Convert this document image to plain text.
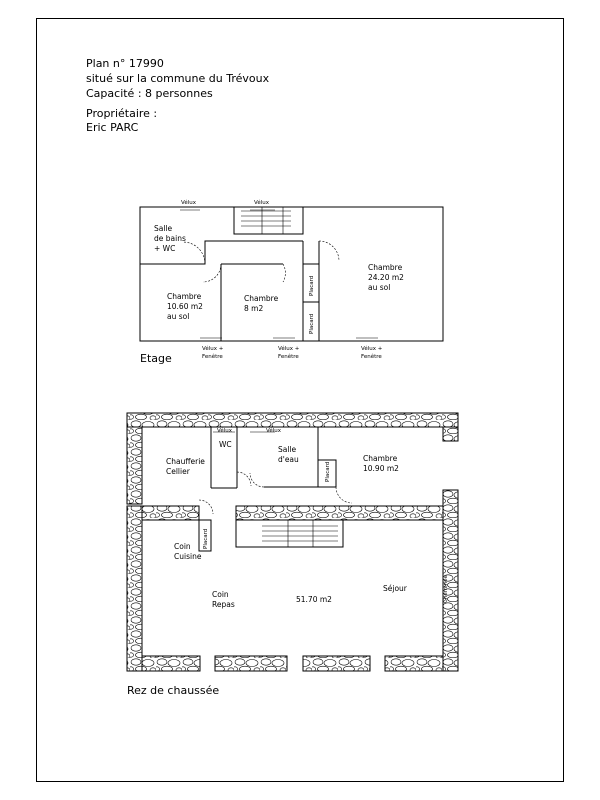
Plan n° 17990
situé sur la commune du Trévoux
Capacité : 8 personnes
Propriétaire :
Eric PARC
Vélux	Vélux
Salle de bains + WC
Chambre 10.60 m2 au sol
Chambre 8 m2
Chambre 24.20 m2 au sol
Placard
Placard
Vélux + Fenêtre
Vélux + Fenêtre
Vélux + Fenêtre
Etage
Vélux	Vélux
Chaufferie Cellier
WC
Salle d'eau	Chambre 10.90 m2
Placard
Placard
Coin Cuisine
Coin Repas
51.70 m2
Séjour	Cheminée
Rez de chaussée
